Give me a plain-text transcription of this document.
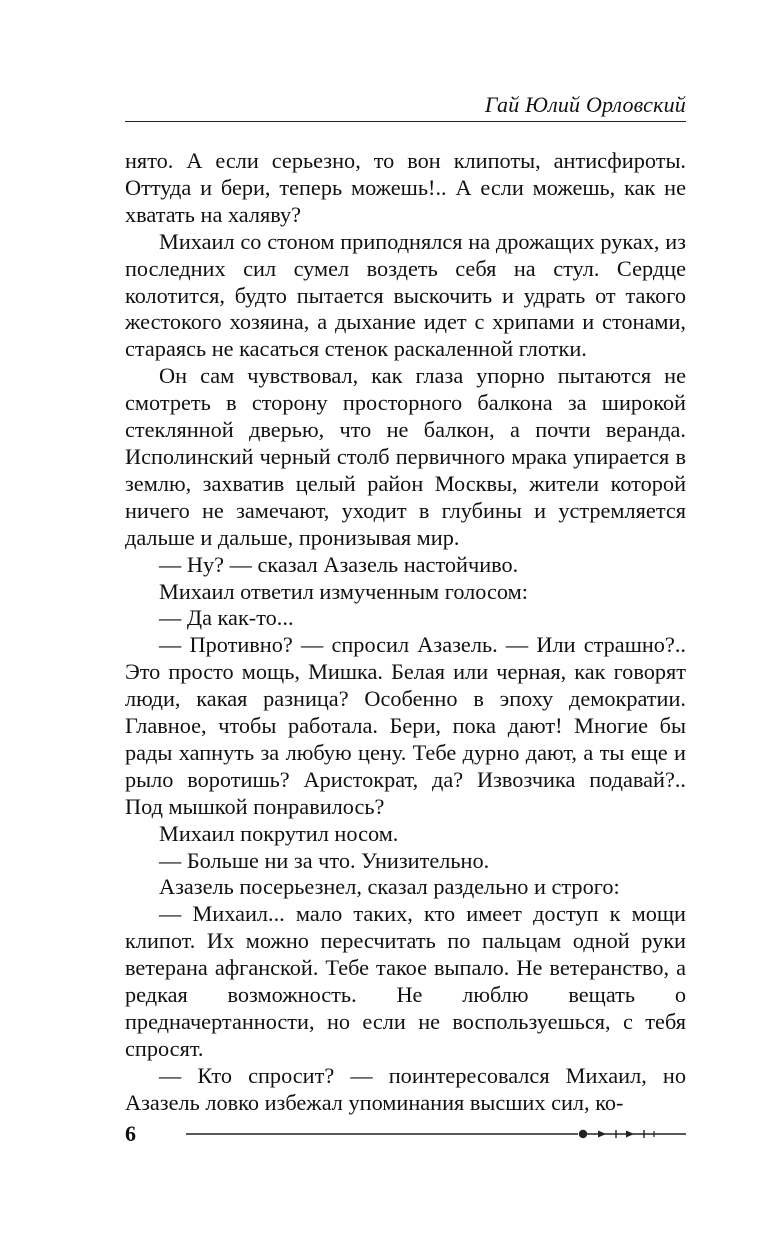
Гай Юлий Орловский

нято. А если серьезно, то вон клипоты, антисфироты. Оттуда и бери, теперь можешь!.. А если можешь, как не хватать на халяву?

Михаил со стоном приподнялся на дрожащих руках, из последних сил сумел воздеть себя на стул. Сердце колотится, будто пытается выскочить и удрать от такого жестокого хозяина, а дыхание идет с хрипами и стонами, стараясь не касаться стенок раскаленной глотки.

Он сам чувствовал, как глаза упорно пытаются не смотреть в сторону просторного балкона за широкой стеклянной дверью, что не балкон, а почти веранда. Исполинский черный столб первичного мрака упирается в землю, захватив целый район Москвы, жители которой ничего не замечают, уходит в глубины и устремляется дальше и дальше, пронизывая мир.

— Ну? — сказал Азазель настойчиво.

Михаил ответил измученным голосом:

— Да как-то...

— Противно? — спросил Азазель. — Или страшно?.. Это просто мощь, Мишка. Белая или черная, как говорят люди, какая разница? Особенно в эпоху демократии. Главное, чтобы работала. Бери, пока дают! Многие бы рады хапнуть за любую цену. Тебе дурно дают, а ты еще и рыло воротишь? Аристократ, да? Извозчика подавай?.. Под мышкой понравилось?

Михаил покрутил носом.

— Больше ни за что. Унизительно.

Азазель посерьезнел, сказал раздельно и строго:

— Михаил... мало таких, кто имеет доступ к мощи клипот. Их можно пересчитать по пальцам одной руки ветерана афганской. Тебе такое выпало. Не ветеранство, а редкая возможность. Не люблю вещать о предначертанности, но если не воспользуешься, с тебя спросят.

— Кто спросит? — поинтересовался Михаил, но Азазель ловко избежал упоминания высших сил, ко-

6
